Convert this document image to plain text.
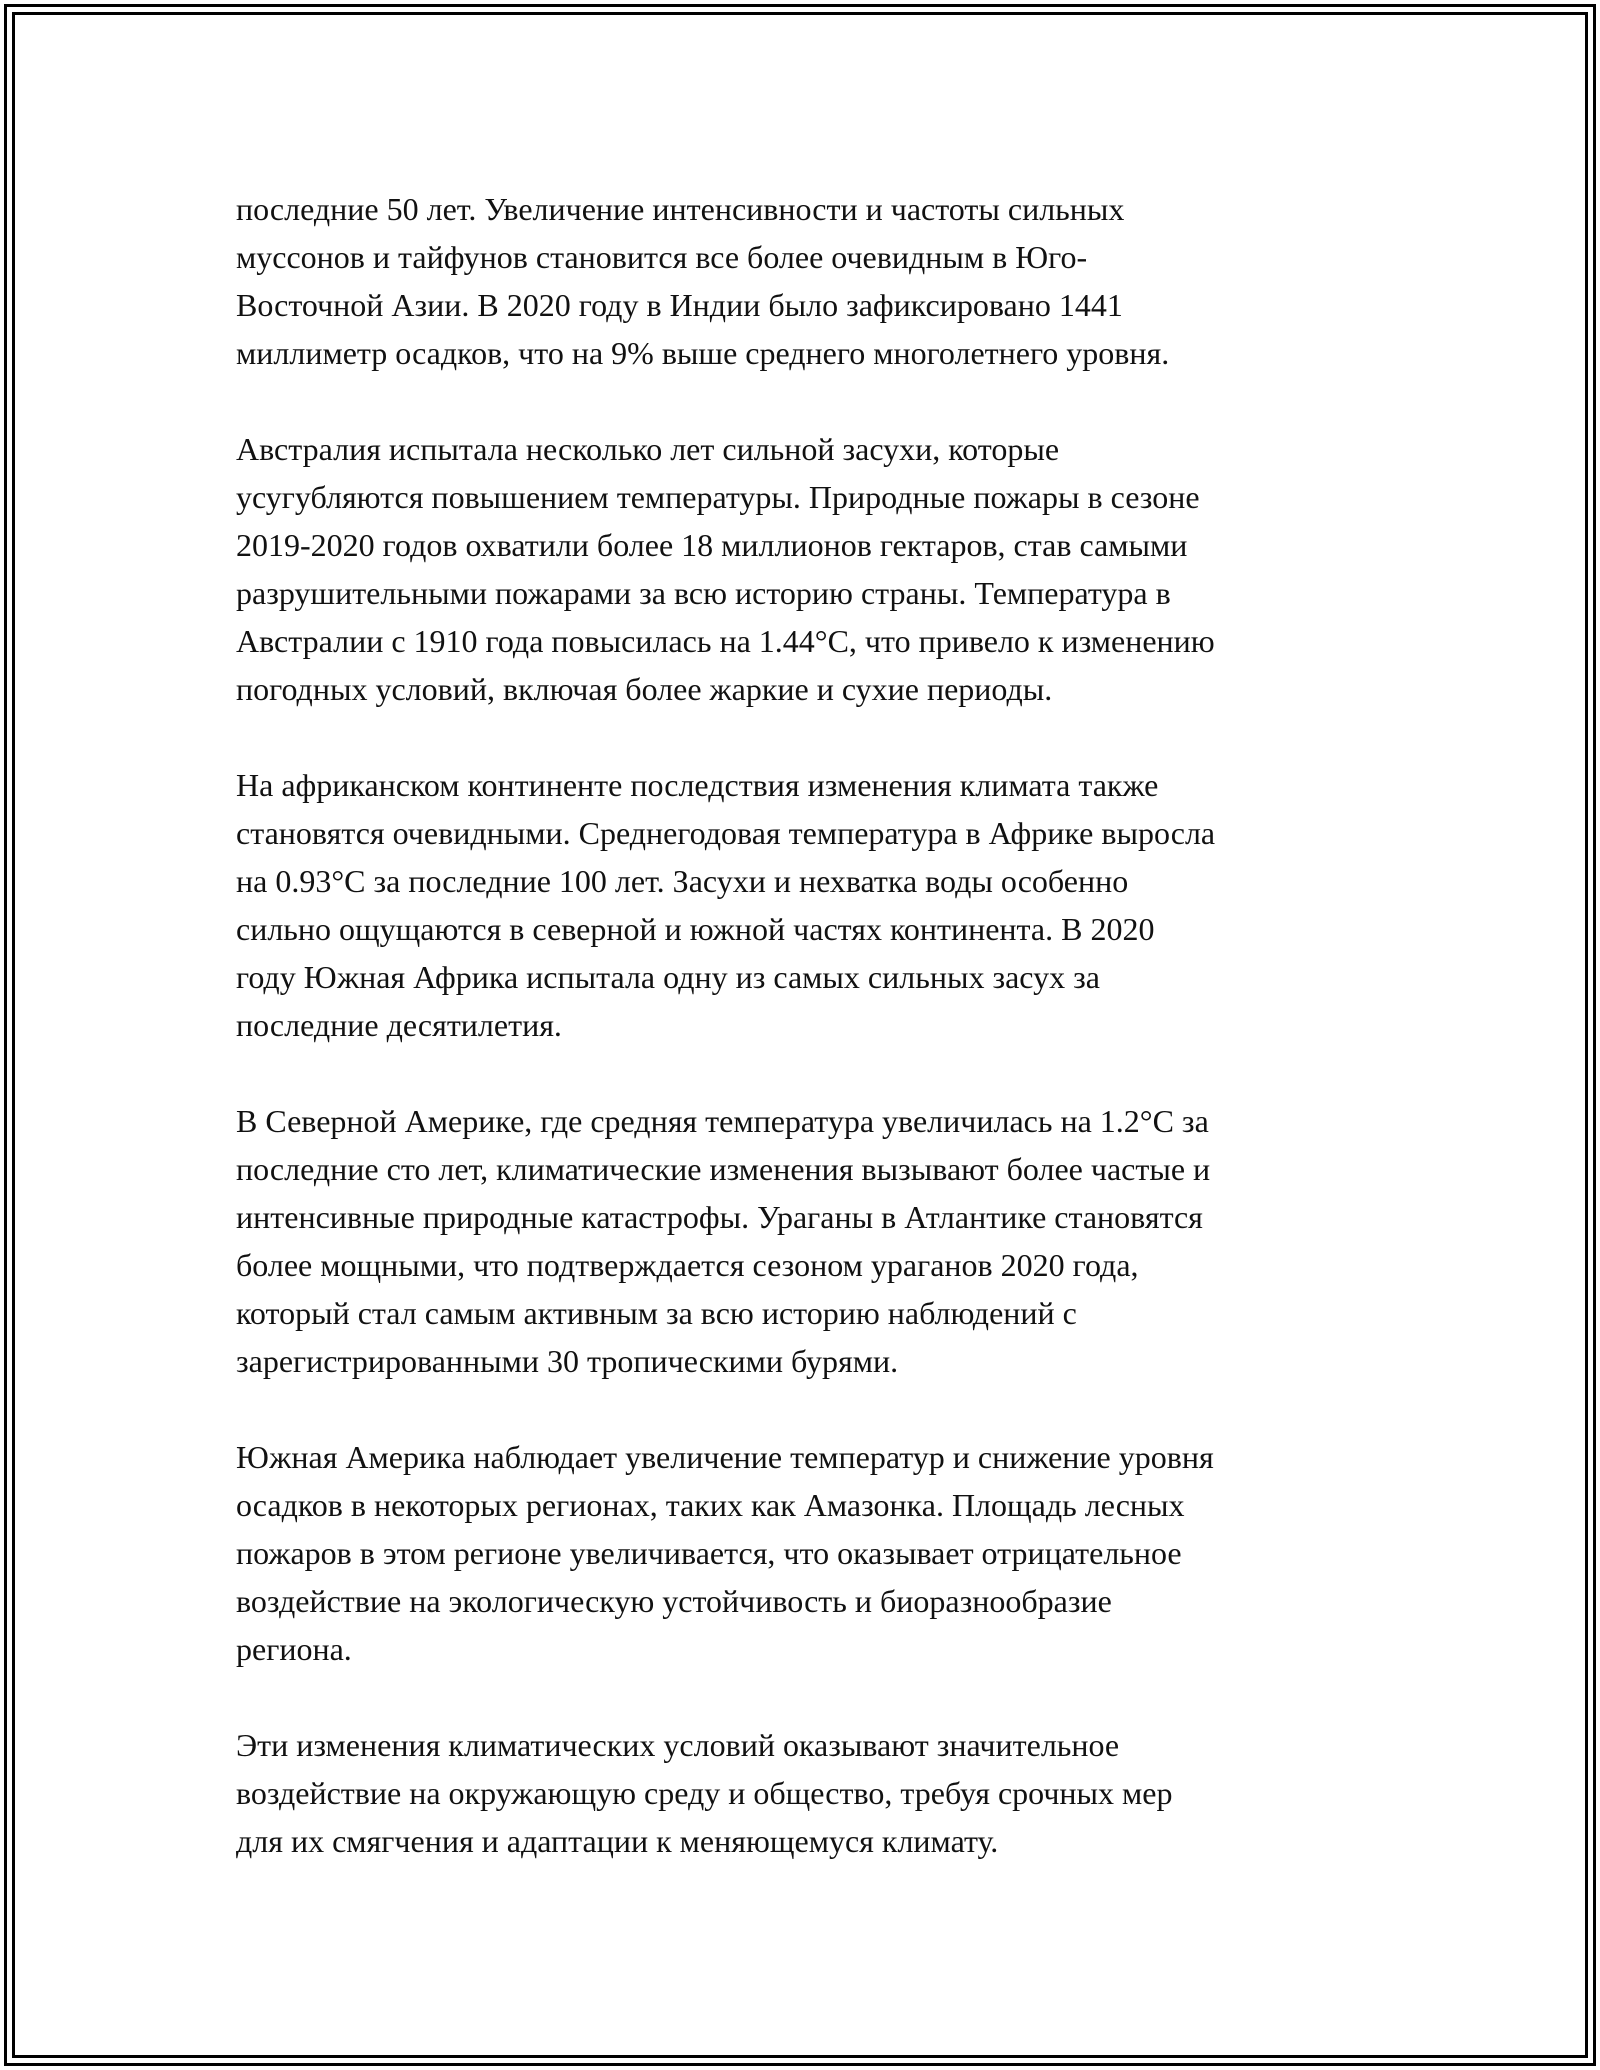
последние 50 лет. Увеличение интенсивности и частоты сильных
муссонов и тайфунов становится все более очевидным в Юго-
Восточной Азии. В 2020 году в Индии было зафиксировано 1441
миллиметр осадков, что на 9% выше среднего многолетнего уровня.

Австралия испытала несколько лет сильной засухи, которые
усугубляются повышением температуры. Природные пожары в сезоне
2019-2020 годов охватили более 18 миллионов гектаров, став самыми
разрушительными пожарами за всю историю страны. Температура в
Австралии с 1910 года повысилась на 1.44°C, что привело к изменению
погодных условий, включая более жаркие и сухие периоды.

На африканском континенте последствия изменения климата также
становятся очевидными. Среднегодовая температура в Африке выросла
на 0.93°C за последние 100 лет. Засухи и нехватка воды особенно
сильно ощущаются в северной и южной частях континента. В 2020
году Южная Африка испытала одну из самых сильных засух за
последние десятилетия.

В Северной Америке, где средняя температура увеличилась на 1.2°C за
последние сто лет, климатические изменения вызывают более частые и
интенсивные природные катастрофы. Ураганы в Атлантике становятся
более мощными, что подтверждается сезоном ураганов 2020 года,
который стал самым активным за всю историю наблюдений с
зарегистрированными 30 тропическими бурями.

Южная Америка наблюдает увеличение температур и снижение уровня
осадков в некоторых регионах, таких как Амазонка. Площадь лесных
пожаров в этом регионе увеличивается, что оказывает отрицательное
воздействие на экологическую устойчивость и биоразнообразие
региона.

Эти изменения климатических условий оказывают значительное
воздействие на окружающую среду и общество, требуя срочных мер
для их смягчения и адаптации к меняющемуся климату.
